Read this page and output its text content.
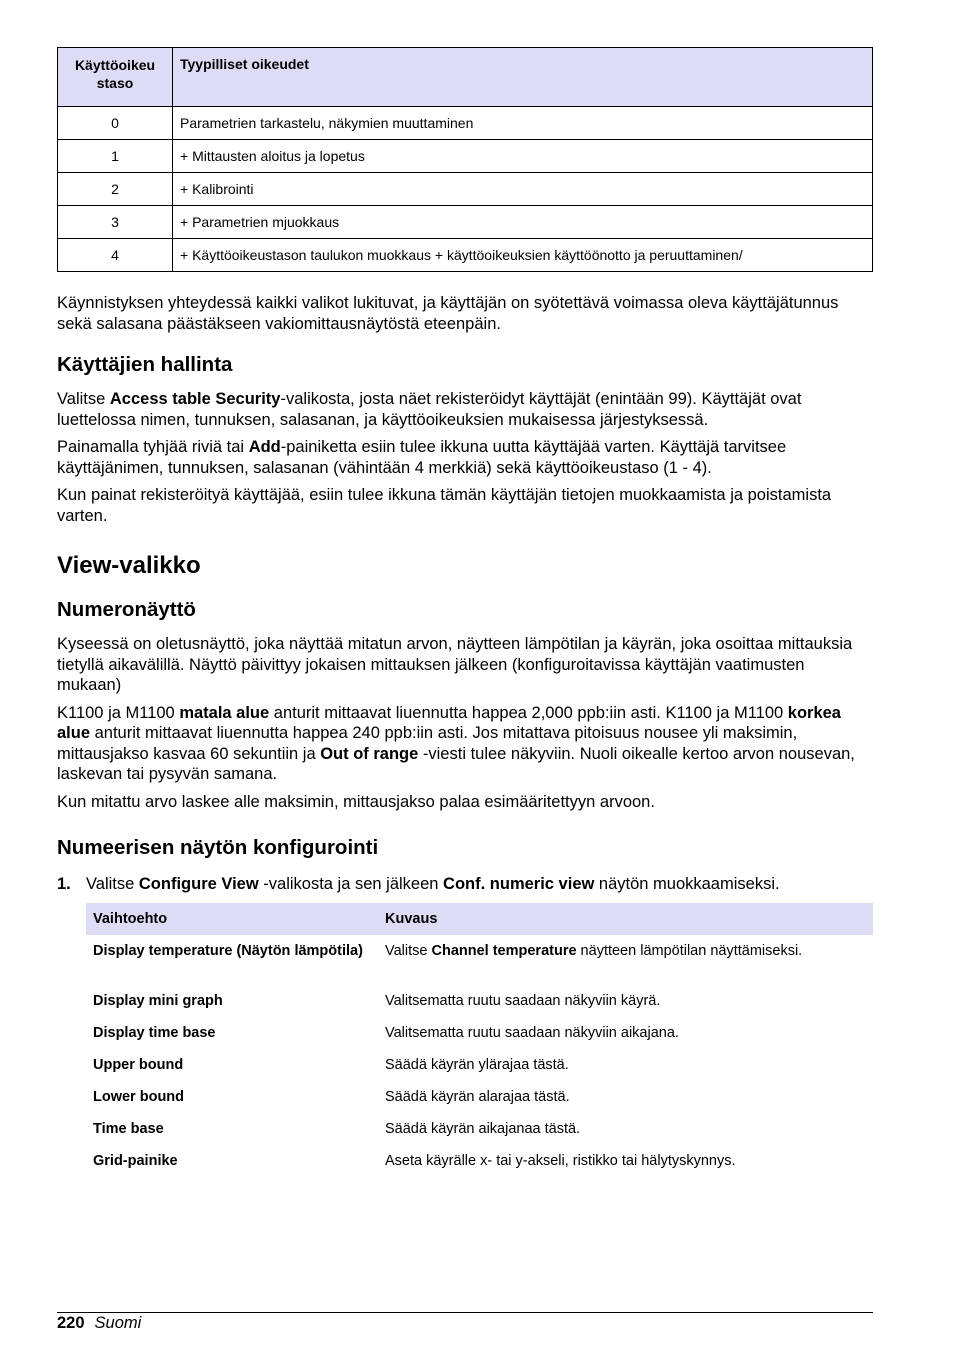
Käyttöoikeu
staso	Tyypilliset oikeudet
0	Parametrien tarkastelu, näkymien muuttaminen
1	+ Mittausten aloitus ja lopetus
2	+ Kalibrointi
3	+ Parametrien mjuokkaus
4	+ Käyttöoikeustason taulukon muokkaus + käyttöoikeuksien käyttöönotto ja peruuttaminen/

Käynnistyksen yhteydessä kaikki valikot lukituvat, ja käyttäjän on syötettävä voimassa oleva käyttäjätunnus sekä salasana päästäkseen vakiomittausnäytöstä eteenpäin.

Käyttäjien hallinta

Valitse Access table Security-valikosta, josta näet rekisteröidyt käyttäjät (enintään 99). Käyttäjät ovat luettelossa nimen, tunnuksen, salasanan, ja käyttöoikeuksien mukaisessa järjestyksessä.

Painamalla tyhjää riviä tai Add-painiketta esiin tulee ikkuna uutta käyttäjää varten. Käyttäjä tarvitsee käyttäjänimen, tunnuksen, salasanan (vähintään 4 merkkiä) sekä käyttöoikeustaso (1 - 4).

Kun painat rekisteröityä käyttäjää, esiin tulee ikkuna tämän käyttäjän tietojen muokkaamista ja poistamista varten.

View-valikko
Numeronäyttö

Kyseessä on oletusnäyttö, joka näyttää mitatun arvon, näytteen lämpötilan ja käyrän, joka osoittaa mittauksia tietyllä aikavälillä. Näyttö päivittyy jokaisen mittauksen jälkeen (konfiguroitavissa käyttäjän vaatimusten mukaan)

K1100 ja M1100 matala alue anturit mittaavat liuennutta happea 2,000 ppb:iin asti. K1100 ja M1100 korkea alue anturit mittaavat liuennutta happea 240 ppb:iin asti. Jos mitattava pitoisuus nousee yli maksimin, mittausjakso kasvaa 60 sekuntiin ja Out of range -viesti tulee näkyviin. Nuoli oikealle kertoo arvon nousevan, laskevan tai pysyvän samana.

Kun mitattu arvo laskee alle maksimin, mittausjakso palaa esimääritettyyn arvoon.

Numeerisen näytön konfigurointi
1. Valitse Configure View -valikosta ja sen jälkeen Conf. numeric view näytön muokkaamiseksi.
Vaihtoehto	Kuvaus
Display temperature (Näytön lämpötila)	Valitse Channel temperature näytteen lämpötilan näyttämiseksi.
Display mini graph	Valitsematta ruutu saadaan näkyviin käyrä.
Display time base	Valitsematta ruutu saadaan näkyviin aikajana.
Upper bound	Säädä käyrän ylärajaa tästä.
Lower bound	Säädä käyrän alarajaa tästä.
Time base	Säädä käyrän aikajanaa tästä.
Grid-painike	Aseta käyrälle x- tai y-akseli, ristikko tai hälytyskynnys.
220 Suomi
